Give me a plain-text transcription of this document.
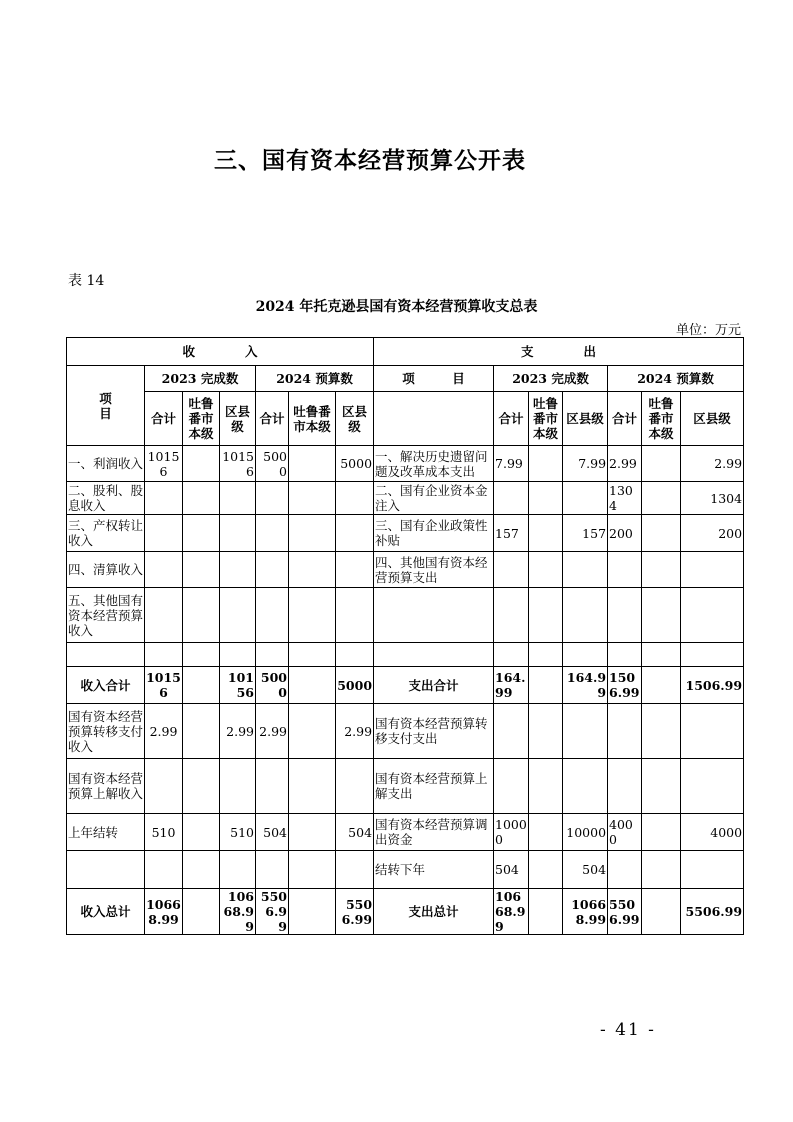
三、国有资本经营预算公开表
表 14
2024 年托克逊县国有资本经营预算收支总表
单位：万元
收　　　　入							支　　　　出						
项
目	2023 完成数			2024 预算数			项　　　目	2023 完成数			2024 预算数		
	合计	吐鲁番市本级	区县级	合计	吐鲁番市本级	区县级		合计	吐鲁番市本级	区县级	合计	吐鲁番市本级	区县级
一、利润收入	10156		10156	5000		5000	一、解决历史遗留问题及改革成本支出	7.99		7.99	2.99		2.99
二、股利、股息收入							二、国有企业资本金注入				1304		1304
三、产权转让收入							三、国有企业政策性补贴	157		157	200		200
四、清算收入							四、其他国有资本经营预算支出						
五、其他国有资本经营预算收入													

收入合计	10156		10156	5000		5000	支出合计	164.99		164.99	1506.99		1506.99
国有资本经营预算转移支付收入	2.99		2.99	2.99		2.99	国有资本经营预算转移支付支出						
国有资本经营预算上解收入							国有资本经营预算上解支出						
上年结转	510		510	504		504	国有资本经营预算调出资金	10000		10000	4000		4000
							结转下年	504		504			
收入总计	10668.99		10668.99	5506.99		5506.99	支出总计	10668.99		10668.99	5506.99		5506.99
- 41 -
